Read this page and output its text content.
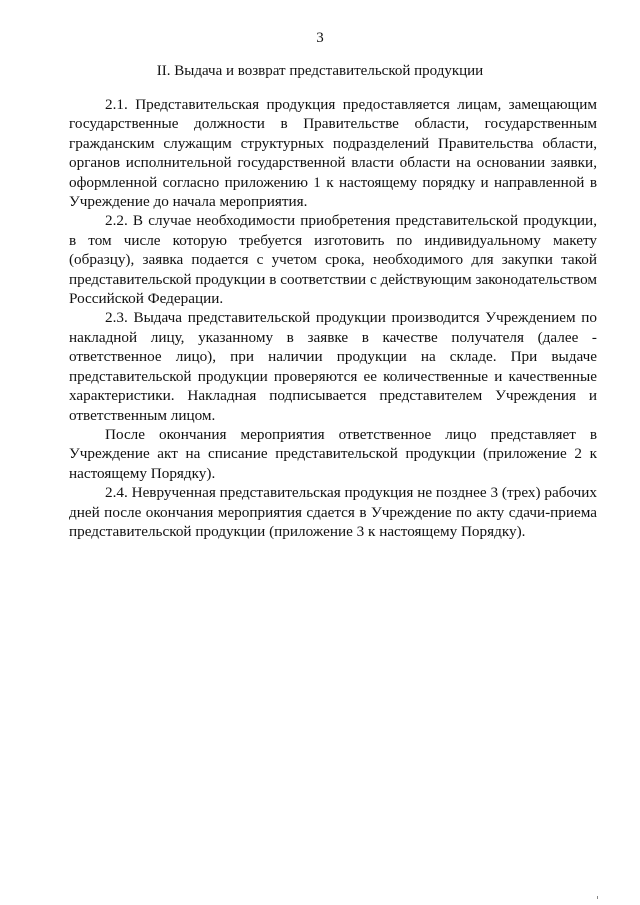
3
II. Выдача и возврат представительской продукции

2.1. Представительская продукция предоставляется лицам, замещающим государственные должности в Правительстве области, государственным гражданским служащим структурных подразделений Правительства области, органов исполнительной государственной власти области на основании заявки, оформленной согласно приложению 1 к настоящему порядку и направленной в Учреждение до начала мероприятия.

2.2. В случае необходимости приобретения представительской продукции, в том числе которую требуется изготовить по индивидуальному макету (образцу), заявка подается с учетом срока, необходимого для закупки такой представительской продукции в соответствии с действующим законодательством Российской Федерации.

2.3. Выдача представительской продукции производится Учреждением по накладной лицу, указанному в заявке в качестве получателя (далее - ответственное лицо), при наличии продукции на складе. При выдаче представительской продукции проверяются ее количественные и качественные характеристики. Накладная подписывается представителем Учреждения и ответственным лицом.

После окончания мероприятия ответственное лицо представляет в Учреждение акт на списание представительской продукции (приложение 2 к настоящему Порядку).

2.4. Неврученная представительская продукция не позднее 3 (трех) рабочих дней после окончания мероприятия сдается в Учреждение по акту сдачи-приема представительской продукции (приложение 3 к настоящему Порядку).
